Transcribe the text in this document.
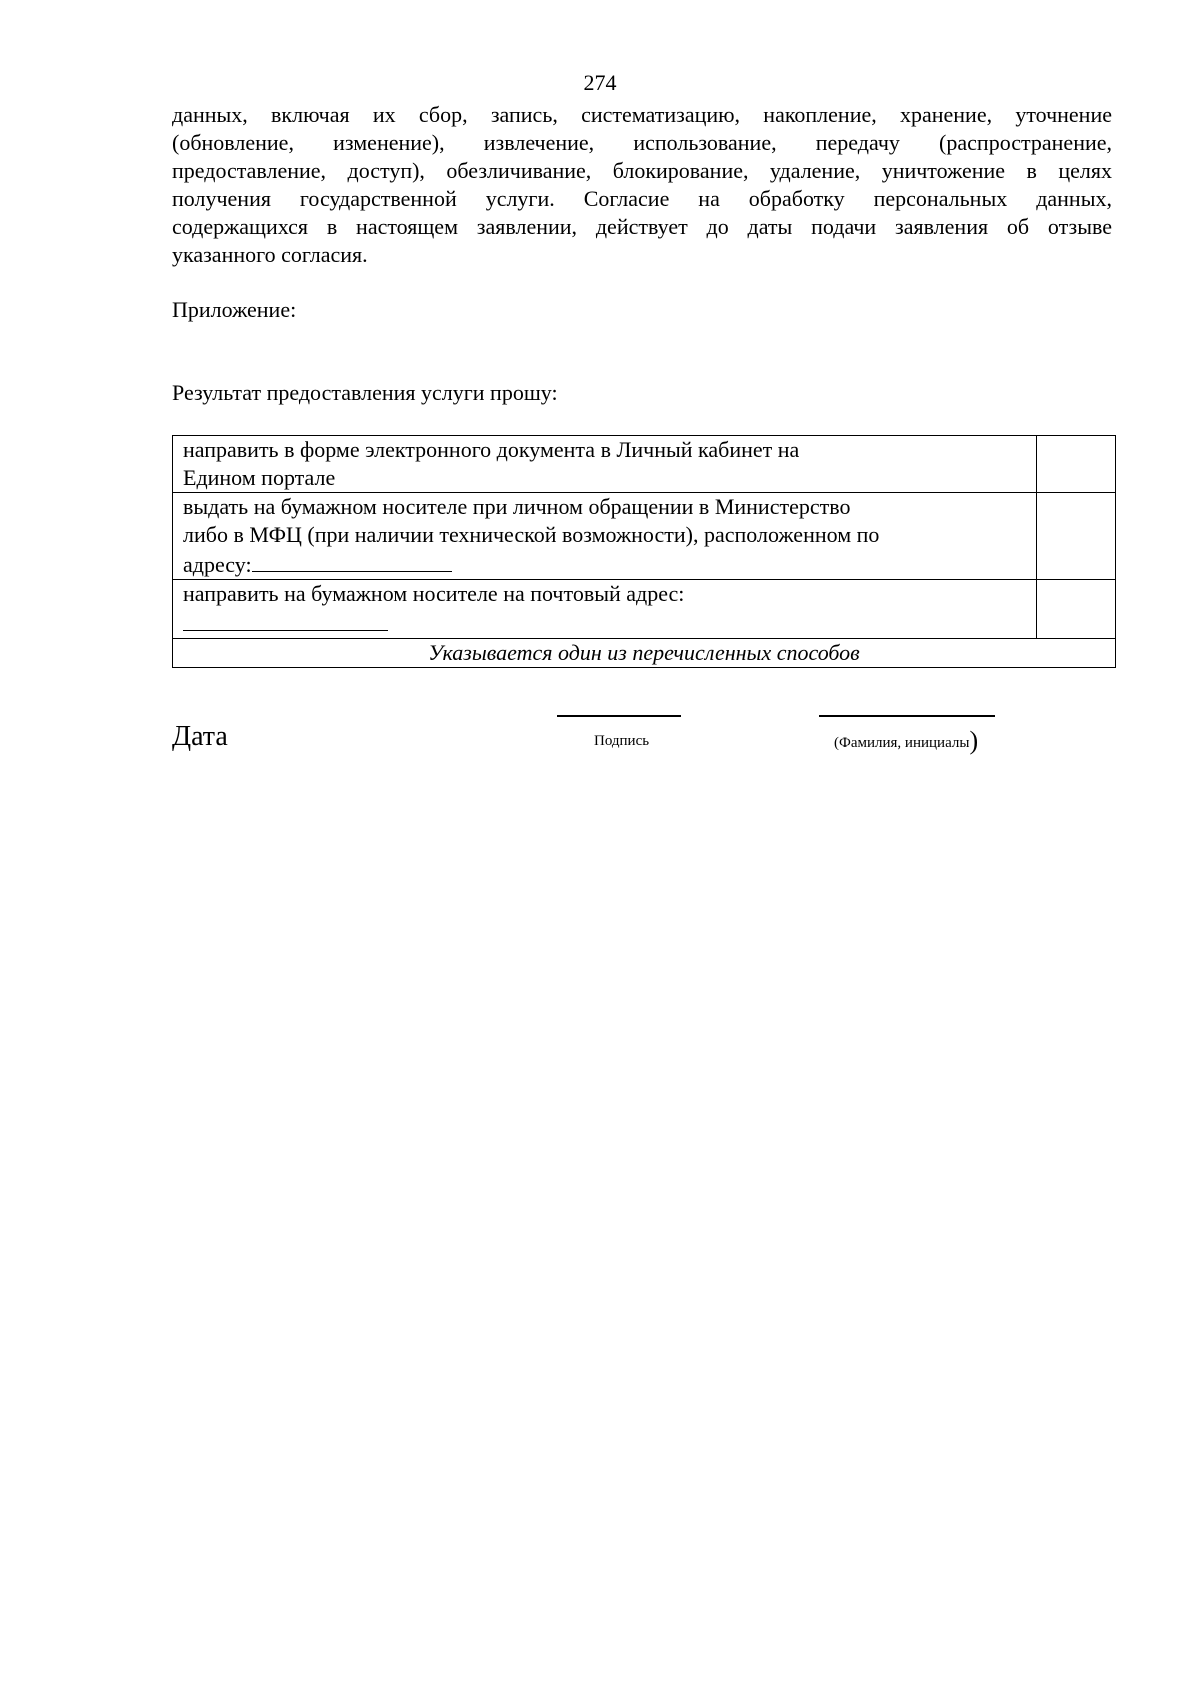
274
данных, включая их сбор, запись, систематизацию, накопление, хранение, уточнение
(обновление, изменение), извлечение, использование, передачу (распространение,
предоставление, доступ), обезличивание, блокирование, удаление, уничтожение в целях
получения государственной услуги. Согласие на обработку персональных данных,
содержащихся в настоящем заявлении, действует до даты подачи заявления об отзыве
указанного согласия.
Приложение:
Результат предоставления услуги прошу:
направить в форме электронного документа в Личный кабинет на
Едином портале	

выдать на бумажном носителе при личном обращении в Министерство
либо в МФЦ (при наличии технической возможности), расположенном по
адресу:	

направить на бумажном носителе на почтовый адрес:	

Указывается один из перечисленных способов	
Дата	Подпись	(Фамилия, инициалы)
